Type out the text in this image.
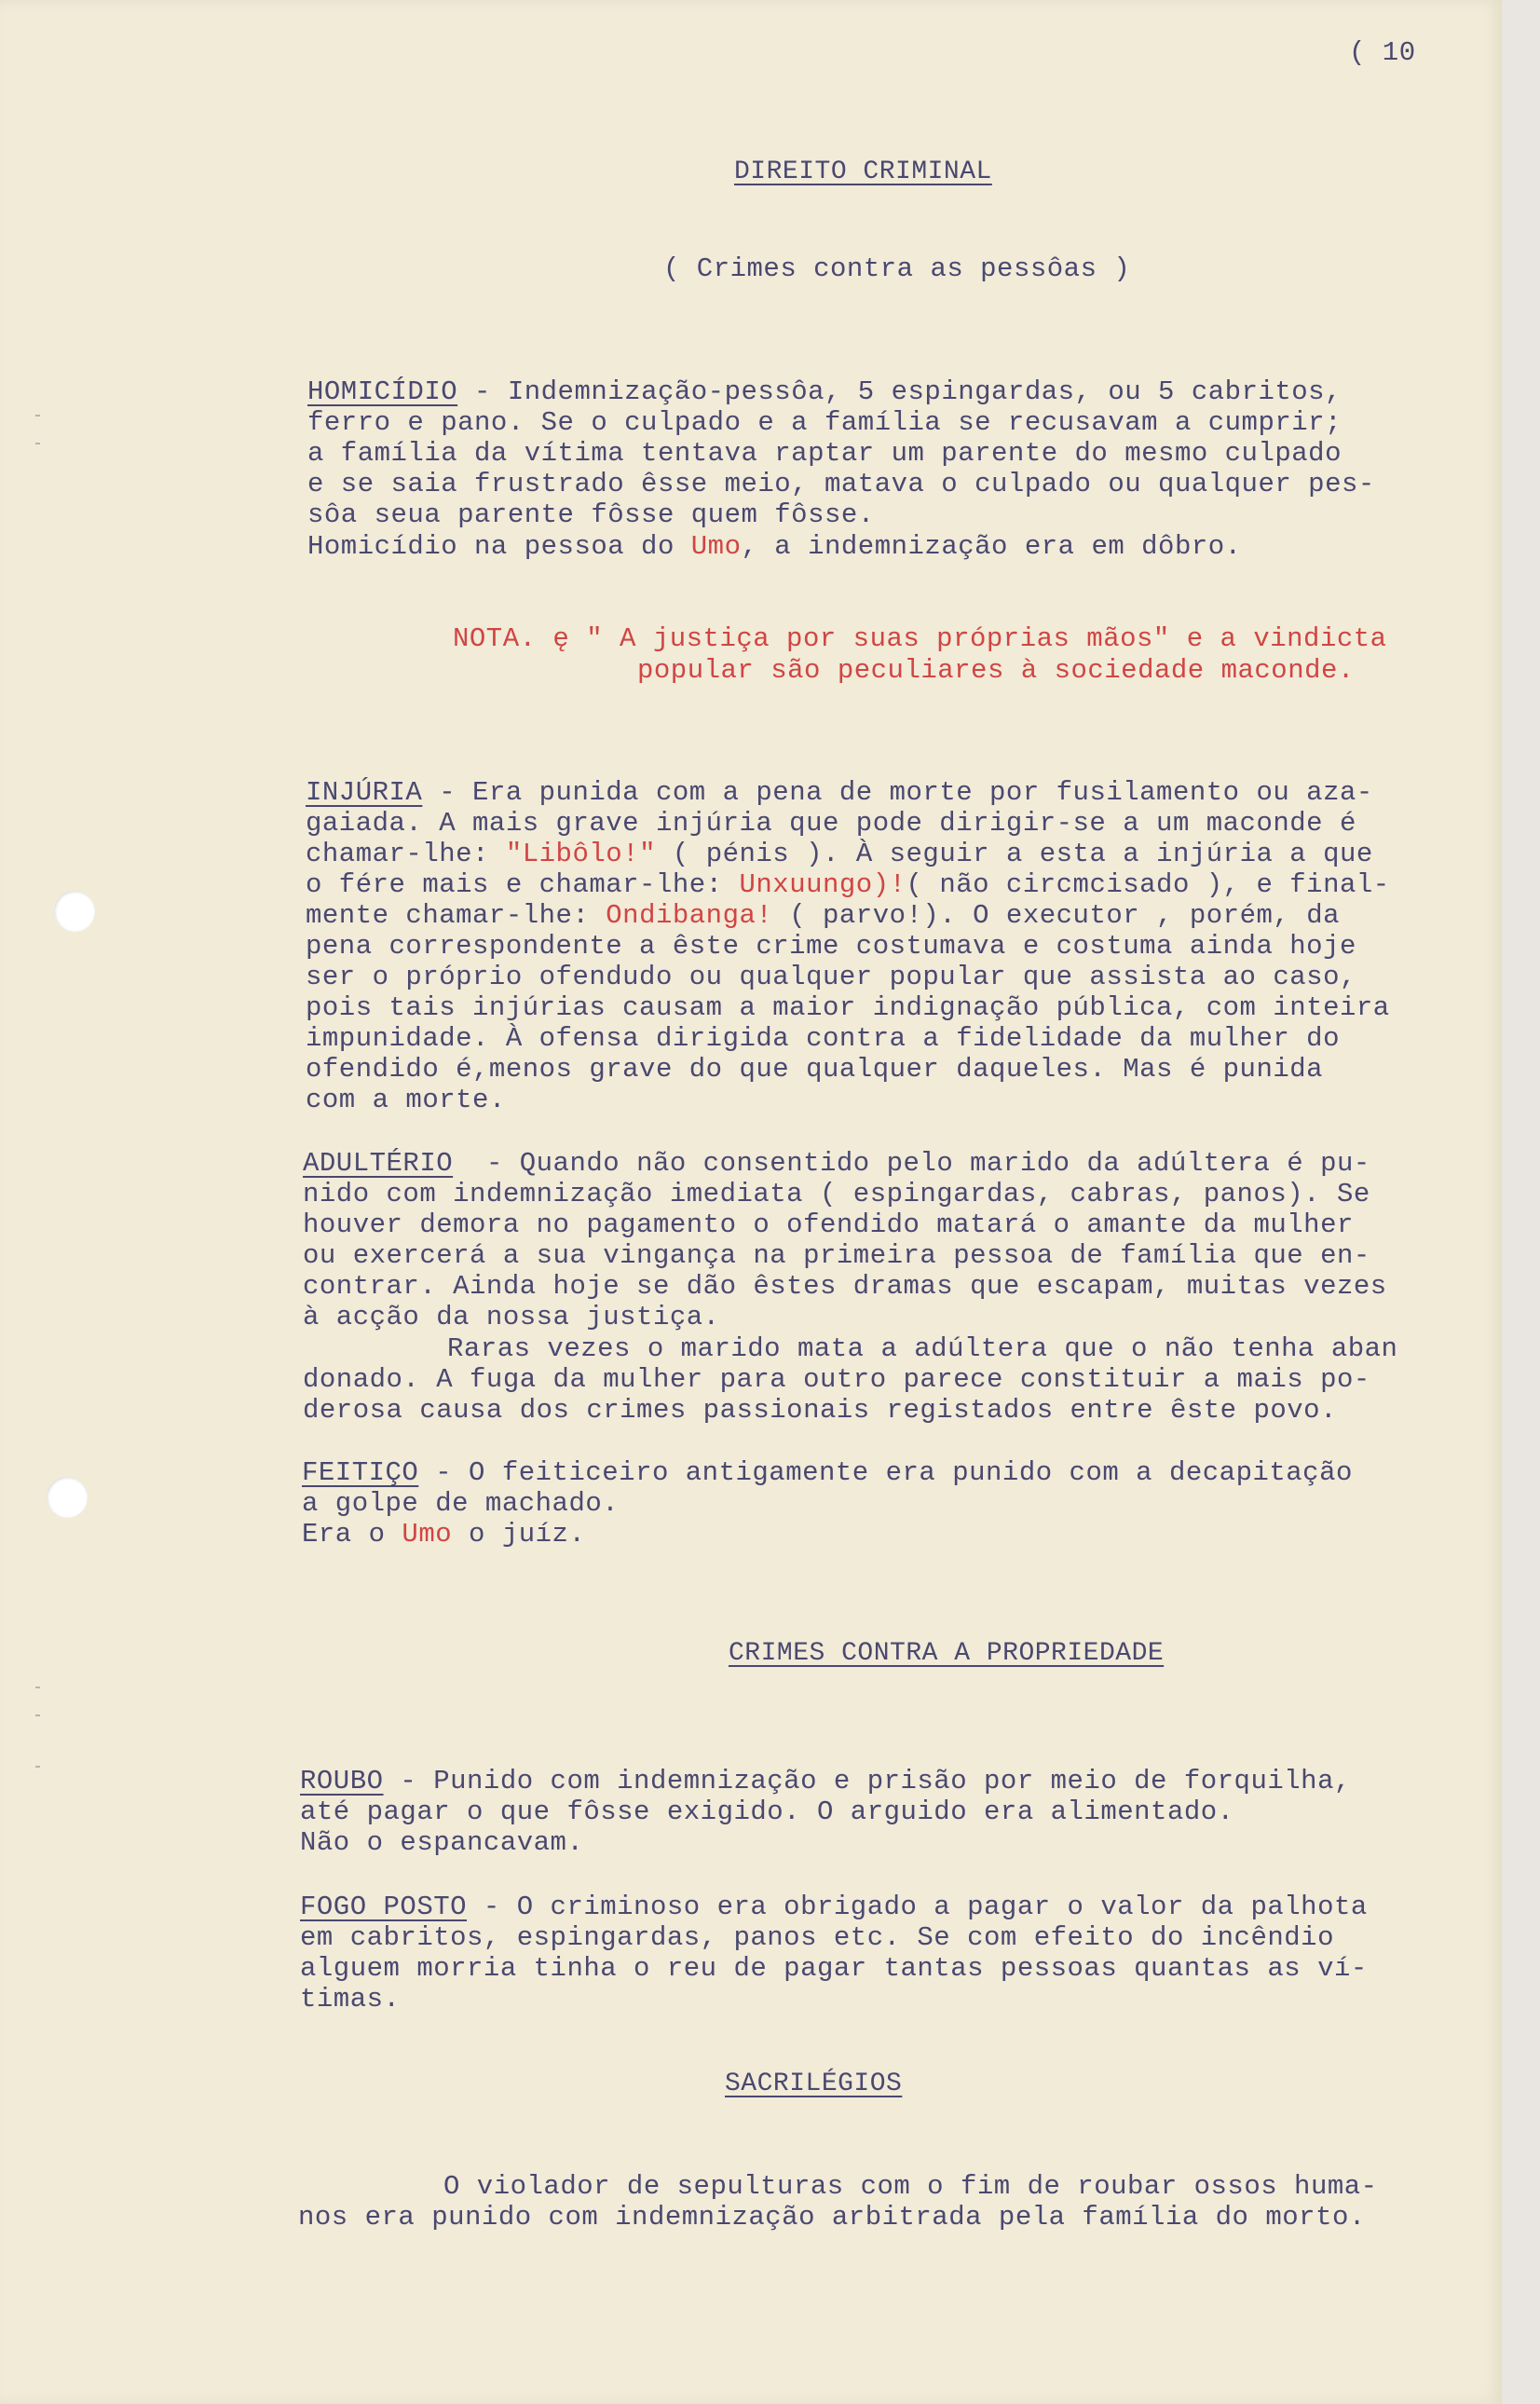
( 10

DIREITO CRIMINAL

( Crimes contra as pessôas )

HOMICÍDIO - Indemnização-pessôa, 5 espingardas, ou 5 cabritos,

ferro e pano. Se o culpado e a família se recusavam a cumprir;

a família da vítima tentava raptar um parente do mesmo culpado

e se saia frustrado êsse meio, matava o culpado ou qualquer pes-

sôa seua parente fôsse quem fôsse.

Homicídio na pessoa do Umo, a indemnização era em dôbro.

NOTA. ę " A justiça por suas próprias mãos" e a vindicta

popular são peculiares à sociedade maconde.

INJÚRIA - Era punida com a pena de morte por fusilamento ou aza-

gaiada. A mais grave injúria que pode dirigir-se a um maconde é

chamar-lhe: "Libôlo!" ( pénis ). À seguir a esta a injúria a que

o fére mais e chamar-lhe: Unxuungo)!( não circmcisado ), e final-

mente chamar-lhe: Ondibanga! ( parvo!). O executor , porém, da

pena correspondente a êste crime costumava e costuma ainda hoje

ser o próprio ofendudo ou qualquer popular que assista ao caso,

pois tais injúrias causam a maior indignação pública, com inteira

impunidade. À ofensa dirigida contra a fidelidade da mulher do

ofendido é,menos grave do que qualquer daqueles. Mas é punida

com a morte.

ADULTÉRIO  - Quando não consentido pelo marido da adúltera é pu-

nido com indemnização imediata ( espingardas, cabras, panos). Se

houver demora no pagamento o ofendido matará o amante da mulher

ou exercerá a sua vingança na primeira pessoa de família que en-

contrar. Ainda hoje se dão êstes dramas que escapam, muitas vezes

à acção da nossa justiça.

Raras vezes o marido mata a adúltera que o não tenha aban

donado. A fuga da mulher para outro parece constituir a mais po-

derosa causa dos crimes passionais registados entre êste povo.

FEITIÇO - O feiticeiro antigamente era punido com a decapitação

a golpe de machado.

Era o Umo o juíz.

CRIMES CONTRA A PROPRIEDADE

ROUBO - Punido com indemnização e prisão por meio de forquilha,

até pagar o que fôsse exigido. O arguido era alimentado.

Não o espancavam.

FOGO POSTO - O criminoso era obrigado a pagar o valor da palhota

em cabritos, espingardas, panos etc. Se com efeito do incêndio

alguem morria tinha o reu de pagar tantas pessoas quantas as ví-

timas.

SACRILÉGIOS

O violador de sepulturas com o fim de roubar ossos huma-

nos era punido com indemnização arbitrada pela família do morto.
